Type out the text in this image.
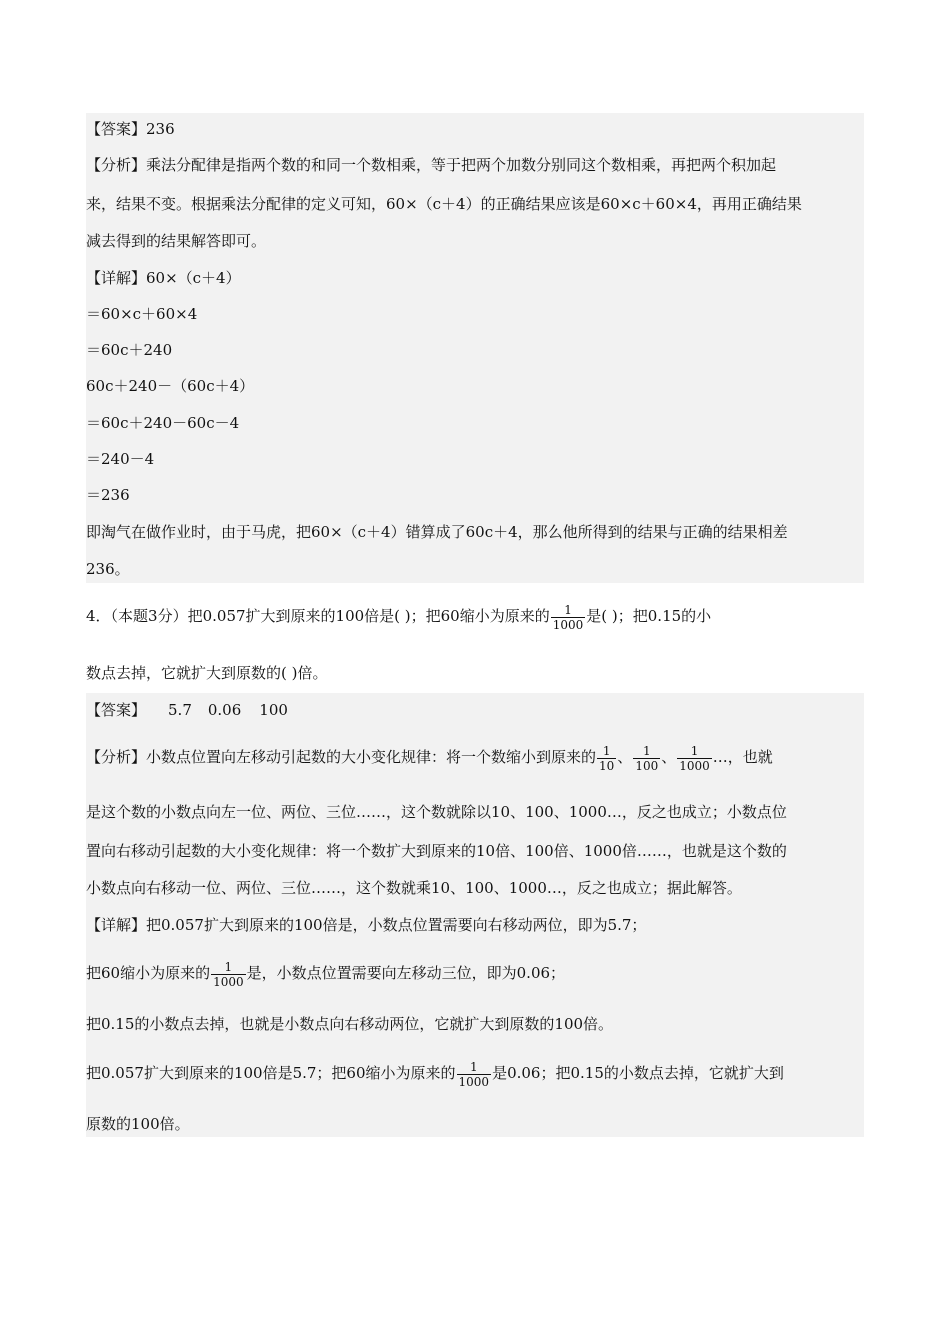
【答案】236
【分析】乘法分配律是指两个数的和同一个数相乘，等于把两个加数分别同这个数相乘，再把两个积加起
来，结果不变。根据乘法分配律的定义可知，60×（c＋4）的正确结果应该是60×c＋60×4，再用正确结果
减去得到的结果解答即可。
【详解】60×（c＋4）
＝60×c＋60×4
＝60c＋240
60c＋240－（60c＋4）
＝60c＋240－60c－4
＝240－4
＝236
即淘气在做作业时，由于马虎，把60×（c＋4）错算成了60c＋4，那么他所得到的结果与正确的结果相差
236。
4．（本题3分）把0.057扩大到原来的100倍是( )；把60缩小为原来的 $\frac{1}{1000}$ 是( )；把0.15的小
数点去掉，它就扩大到原数的( )倍。
【答案】 5.7 0.06 100
【分析】小数点位置向左移动引起数的大小变化规律：将一个数缩小到原来的 $\frac{1}{10}$ 、 $\frac{1}{100}$ 、 $\frac{1}{1000}$ …，也就
是这个数的小数点向左一位、两位、三位……，这个数就除以10、100、1000…，反之也成立；小数点位
置向右移动引起数的大小变化规律：将一个数扩大到原来的10倍、100倍、1000倍……，也就是这个数的
小数点向右移动一位、两位、三位……，这个数就乘10、100、1000…，反之也成立；据此解答。
【详解】把0.057扩大到原来的100倍是，小数点位置需要向右移动两位，即为5.7；
把60缩小为原来的 $\frac{1}{1000}$ 是，小数点位置需要向左移动三位，即为0.06；
把0.15的小数点去掉，也就是小数点向右移动两位，它就扩大到原数的100倍。
把0.057扩大到原来的100倍是5.7；把60缩小为原来的 $\frac{1}{1000}$ 是0.06；把0.15的小数点去掉，它就扩大到
原数的100倍。
